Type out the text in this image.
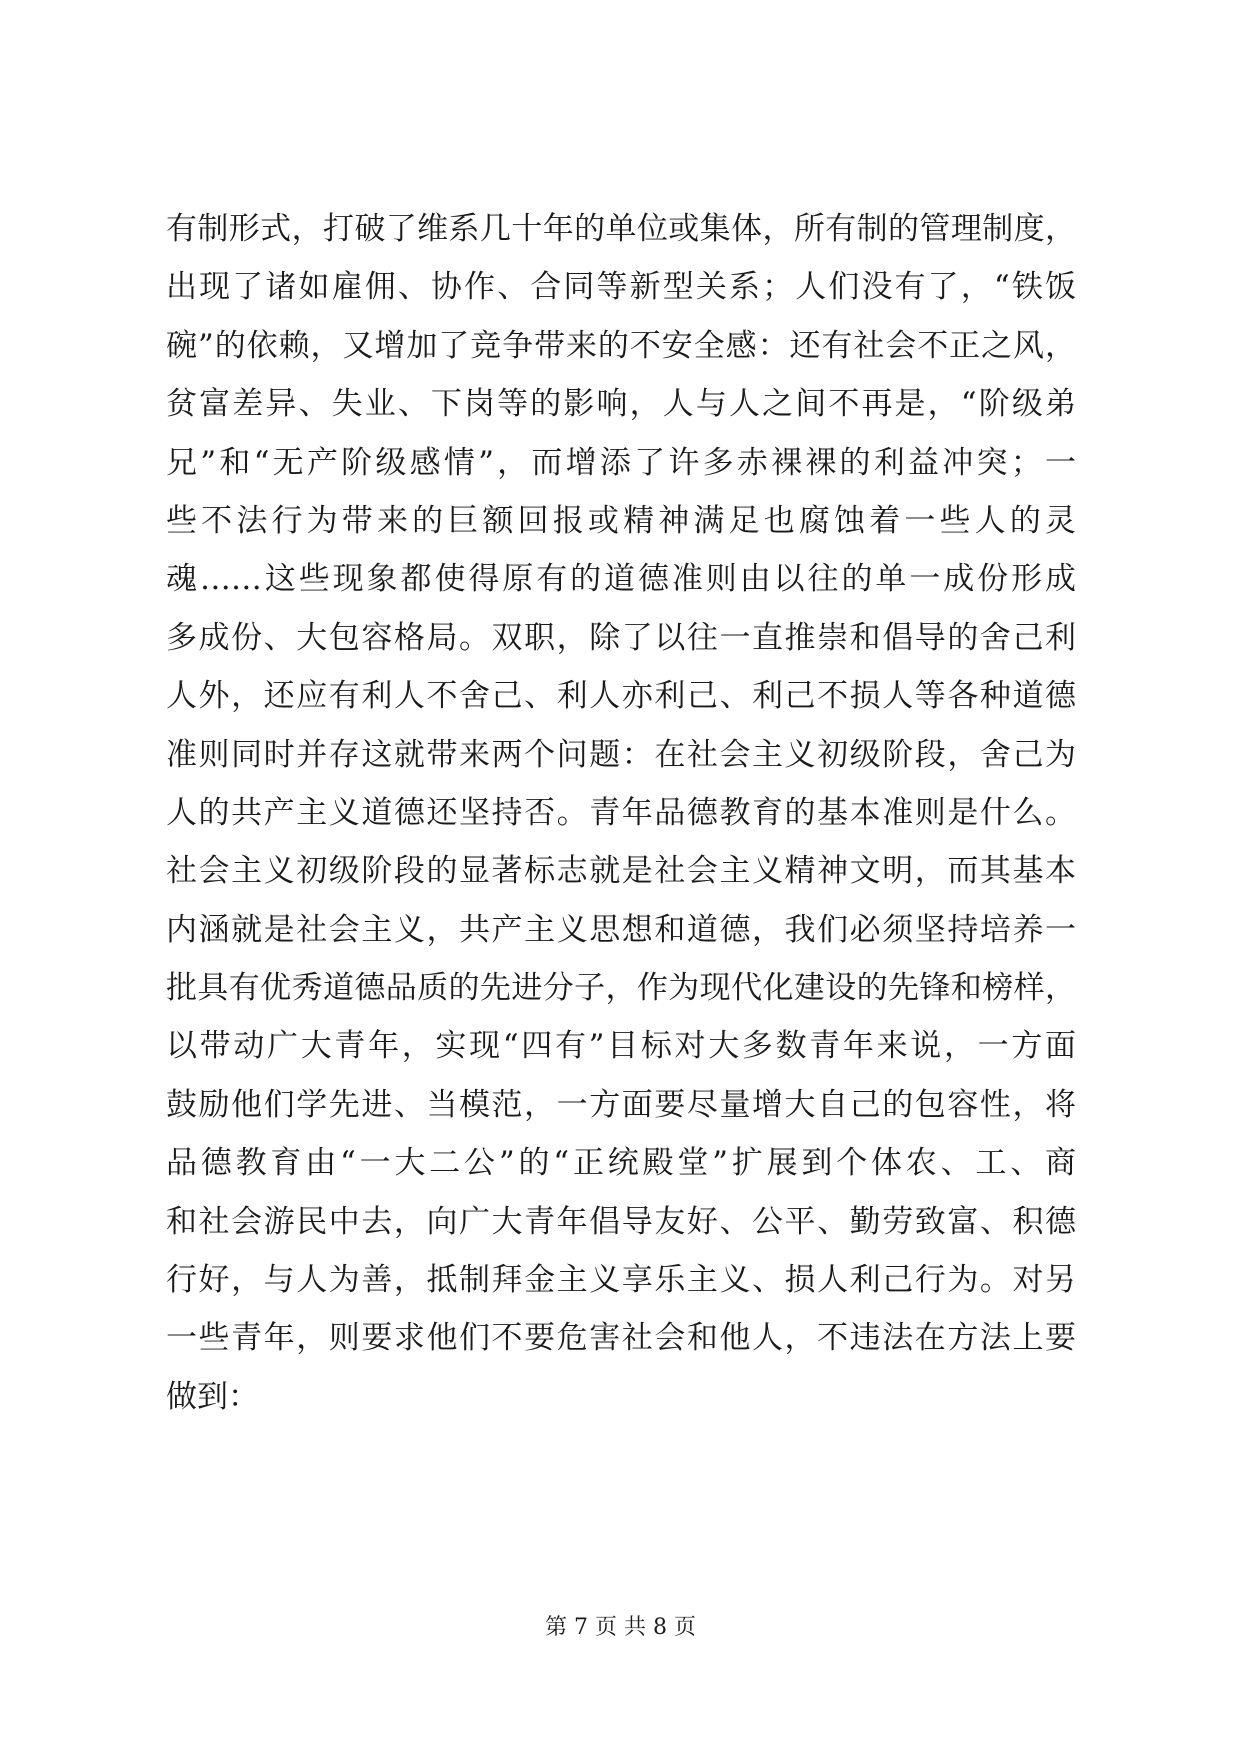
有制形式，打破了维系几十年的单位或集体，所有制的管理制度，
出现了诸如雇佣、协作、合同等新型关系；人们没有了，“铁饭
碗”的依赖，又增加了竞争带来的不安全感：还有社会不正之风，
贫富差异、失业、下岗等的影响，人与人之间不再是，“阶级弟
兄”和“无产阶级感情”，而增添了许多赤裸裸的利益冲突；一
些不法行为带来的巨额回报或精神满足也腐蚀着一些人的灵
魂……这些现象都使得原有的道德准则由以往的单一成份形成
多成份、大包容格局。双职，除了以往一直推崇和倡导的舍己利
人外，还应有利人不舍己、利人亦利己、利己不损人等各种道德
准则同时并存这就带来两个问题：在社会主义初级阶段，舍己为
人的共产主义道德还坚持否。青年品德教育的基本准则是什么。
社会主义初级阶段的显著标志就是社会主义精神文明，而其基本
内涵就是社会主义，共产主义思想和道德，我们必须坚持培养一
批具有优秀道德品质的先进分子，作为现代化建设的先锋和榜样，
以带动广大青年，实现“四有”目标对大多数青年来说，一方面
鼓励他们学先进、当模范，一方面要尽量增大自己的包容性，将
品德教育由“一大二公”的“正统殿堂”扩展到个体农、工、商
和社会游民中去，向广大青年倡导友好、公平、勤劳致富、积德
行好，与人为善，抵制拜金主义享乐主义、损人利己行为。对另
一些青年，则要求他们不要危害社会和他人，不违法在方法上要
做到：
第 7 页 共 8 页
